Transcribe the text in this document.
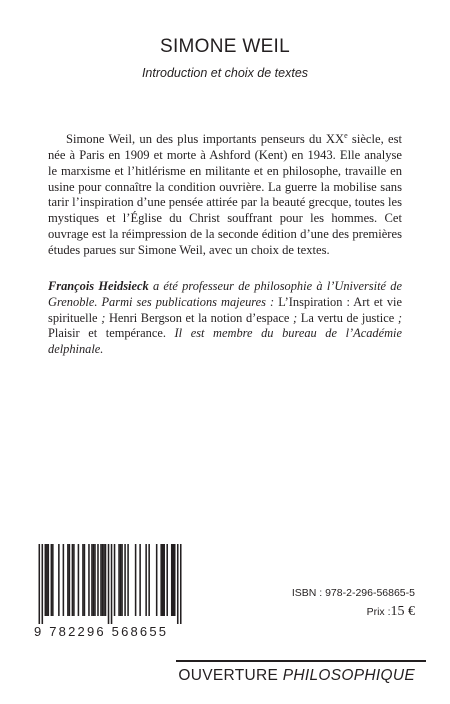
SIMONE WEIL
Introduction et choix de textes

Simone Weil, un des plus importants penseurs du XXe siècle, est née à Paris en 1909 et morte à Ashford (Kent) en 1943. Elle analyse le marxisme et l’hitlérisme en militante et en philosophe, travaille en usine pour connaître la condition ouvrière. La guerre la mobilise sans tarir l’inspiration d’une pensée attirée par la beauté grecque, toutes les mystiques et l’Église du Christ souffrant pour les hommes. Cet ouvrage est la réimpression de la seconde édition d’une des premières études parues sur Simone Weil, avec un choix de textes.

François Heidsieck a été professeur de philosophie à l’Université de Grenoble. Parmi ses publications majeures : L’Inspiration : Art et vie spirituelle ; Henri Bergson et la notion d’espace ; La vertu de justice ; Plaisir et tempérance. Il est membre du bureau de l’Académie delphinale.

9 782296 568655
ISBN : 978-2-296-56865-5
Prix :15 €
OUVERTURE PHILOSOPHIQUE
